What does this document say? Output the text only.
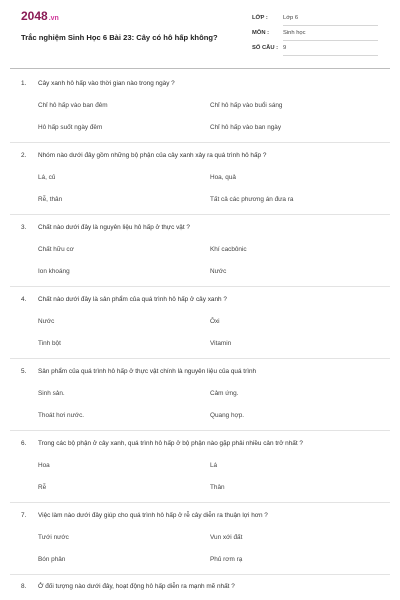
2048.vn
Trắc nghiệm Sinh Học 6 Bài 23: Cây có hô hấp không?
LỚP :	Lớp 6
MÔN : Sinh học
SỐ CÂU : 9
1. Cây xanh hô hấp vào thời gian nào trong ngày ?
Chỉ hô hấp vào ban đêm	Chỉ hô hấp vào buổi sáng
Hô hấp suốt ngày đêm	Chỉ hô hấp vào ban ngày
2. Nhóm nào dưới đây gồm những bộ phận của cây xanh xảy ra quá trình hô hấp ?
Lá, củ	Hoa, quả
Rễ, thân	Tất cả các phương án đưa ra
3. Chất nào dưới đây là nguyên liệu hô hấp ở thực vật ?
Chất hữu cơ	Khí cacbônic
Ion khoáng	Nước
4. Chất nào dưới đây là sản phẩm của quá trình hô hấp ở cây xanh ?
Nước	Ôxi
Tinh bột	Vitamin
5. Sản phẩm của quá trình hô hấp ở thực vật chính là nguyên liệu của quá trình
Sinh sản.	Cảm ứng.
Thoát hơi nước.	Quang hợp.
6. Trong các bộ phận ở cây xanh, quá trình hô hấp ở bộ phận nào gặp phải nhiều cản trở nhất ?
Hoa	Lá
Rễ	Thân
7. Việc làm nào dưới đây giúp cho quá trình hô hấp ở rễ cây diễn ra thuận lợi hơn ?
Tưới nước	Vun xới đất
Bón phân	Phủ rơm rạ
8. Ở đối tượng nào dưới đây, hoạt động hô hấp diễn ra mạnh mẽ nhất ?
